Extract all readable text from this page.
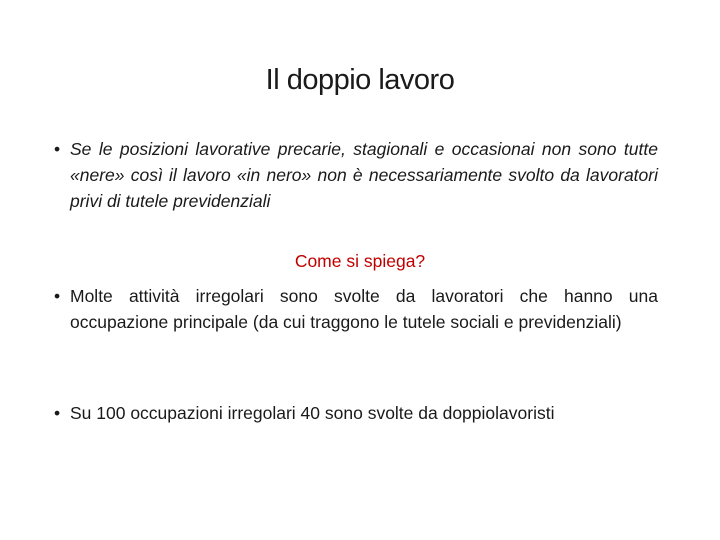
Il doppio lavoro
• Se le posizioni lavorative precarie, stagionali e occasionai non sono tutte «nere» così il lavoro «in nero» non è necessariamente svolto da lavoratori privi di tutele previdenziali
Come si spiega?
• Molte attività irregolari sono svolte da lavoratori che hanno una occupazione principale (da cui traggono le tutele sociali e previdenziali)
• Su 100 occupazioni irregolari 40 sono svolte da doppiolavoristi
